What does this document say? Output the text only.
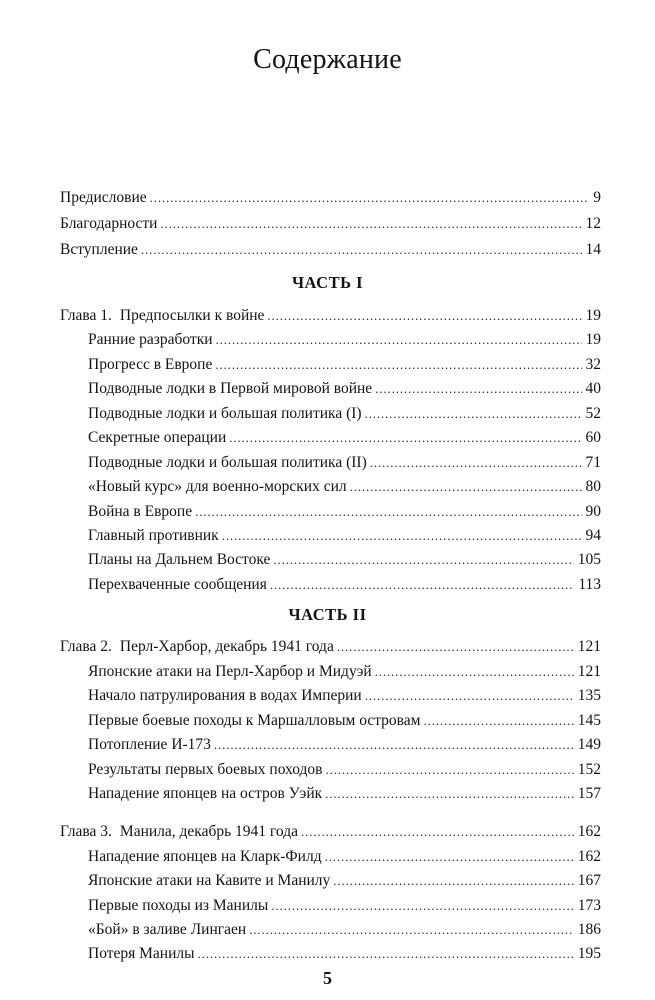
Содержание
Предисловие . . .	9
Благодарности . . .	12
Вступление . . .	14
ЧАСТЬ I
Глава 1. Предпосылки к войне . . .	19
Ранние разработки . . .	19
Прогресс в Европе . . .	32
Подводные лодки в Первой мировой войне . . .	40
Подводные лодки и большая политика (I) . . .	52
Секретные операции . . .	60
Подводные лодки и большая политика (II) . . .	71
«Новый курс» для военно-морских сил . . .	80
Война в Европе . . .	90
Главный противник . . .	94
Планы на Дальнем Востоке . . .	105
Перехваченные сообщения . . .	113
ЧАСТЬ II
Глава 2. Перл-Харбор, декабрь 1941 года . . .	121
Японские атаки на Перл-Харбор и Мидуэй . . .	121
Начало патрулирования в водах Империи . . .	135
Первые боевые походы к Маршалловым островам . . .	145
Потопление И-173 . . .	149
Результаты первых боевых походов . . .	152
Нападение японцев на остров Уэйк . . .	157
Глава 3. Манила, декабрь 1941 года . . .	162
Нападение японцев на Кларк-Филд . . .	162
Японские атаки на Кавите и Манилу . . .	167
Первые походы из Манилы . . .	173
«Бой» в заливе Лингаен . . .	186
Потеря Манилы . . .	195
5
